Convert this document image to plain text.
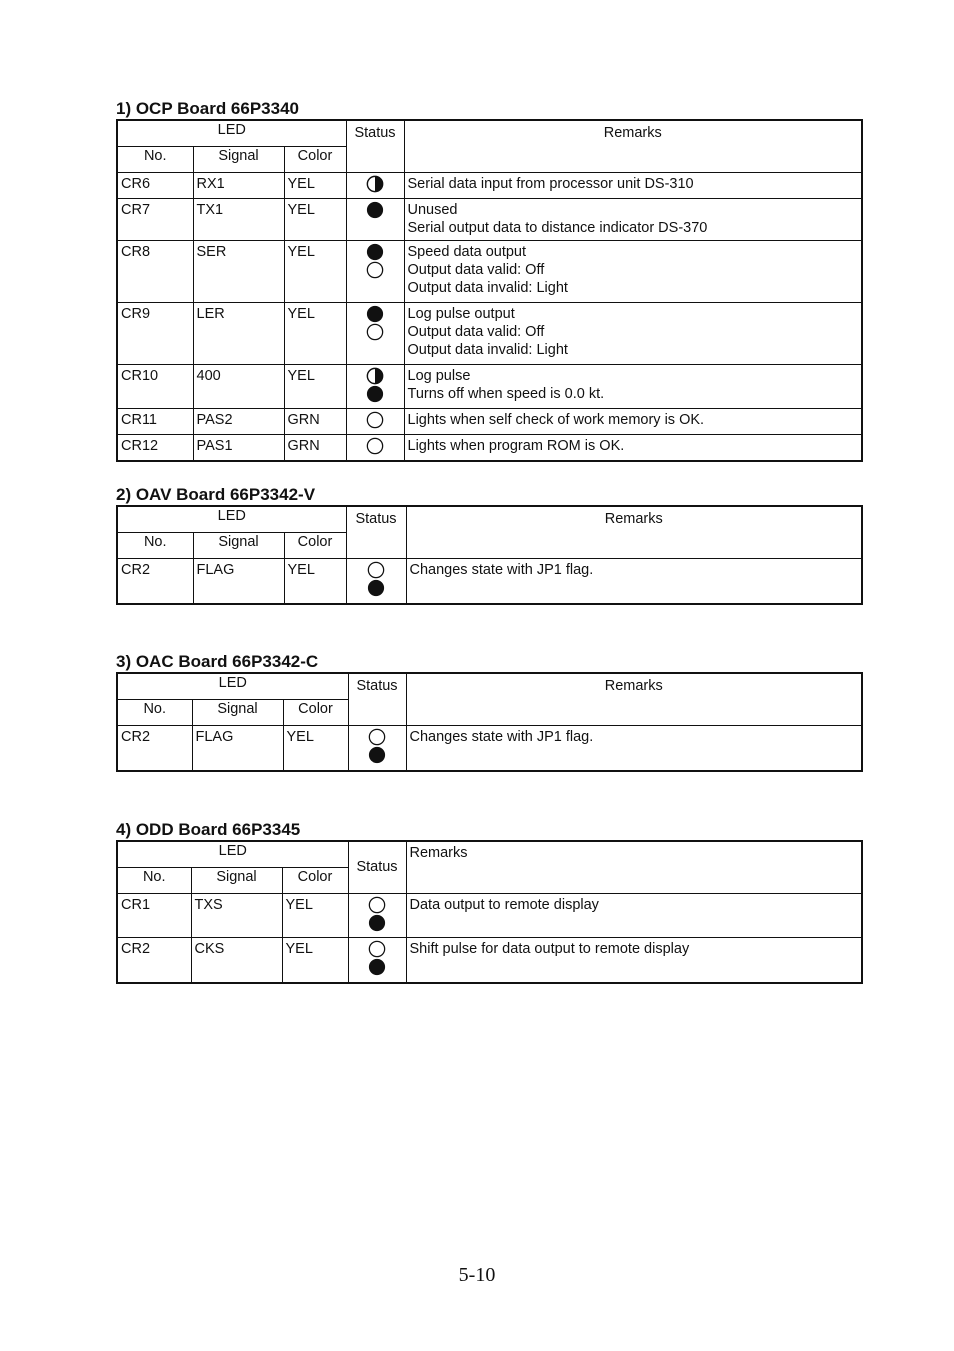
1) OCP Board 66P3340
LED			Status	Remarks
No.	Signal	Color		
CR6	RX1	YEL		Serial data input from processor unit DS-310

CR7	TX1	YEL		Unused
Serial output data to distance indicator DS-370

CR8	SER	YEL		Speed data output
Output data valid: Off
Output data invalid: Light

CR9	LER	YEL		Log pulse output
Output data valid: Off
Output data invalid: Light

CR10	400	YEL		Log pulse
Turns off when speed is 0.0 kt.

CR11	PAS2	GRN		Lights when self check of work memory is OK.

CR12	PAS1	GRN		Lights when program ROM is OK.
2) OAV Board 66P3342-V
LED			Status	Remarks
No.	Signal	Color		
CR2	FLAG	YEL		Changes state with JP1 flag.
3) OAC Board 66P3342-C
LED			Status	Remarks
No.	Signal	Color		
CR2	FLAG	YEL		Changes state with JP1 flag.
4) ODD Board 66P3345
LED			Status	Remarks
No.	Signal	Color		
CR1	TXS	YEL		Data output to remote display

CR2	CKS	YEL		Shift pulse for data output to remote display
5-10
